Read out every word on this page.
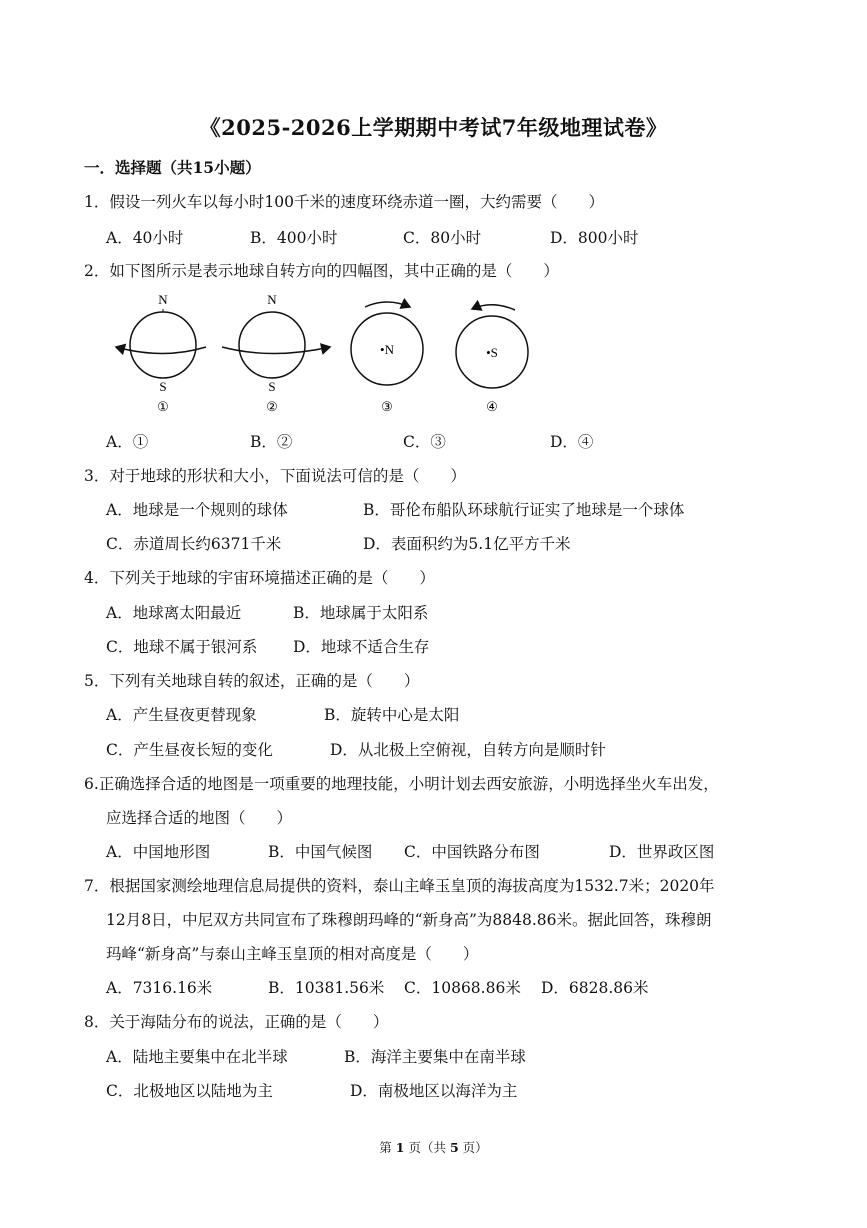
《2025-2026上学期期中考试7年级地理试卷》
一．选择题（共15小题）
1．假设一列火车以每小时100千米的速度环绕赤道一圈，大约需要（　　）
A．40小时	B．400小时	C．80小时	D．800小时
2．如下图所示是表示地球自转方向的四幅图，其中正确的是（　　）
N
S
①
N
S
②
•N
③
•S
④
A．①	B．②	C．③	D．④
3．对于地球的形状和大小，下面说法可信的是（　　）
A．地球是一个规则的球体	B．哥伦布船队环球航行证实了地球是一个球体
C．赤道周长约6371千米	D．表面积约为5.1亿平方千米
4．下列关于地球的宇宙环境描述正确的是（　　）
A．地球离太阳最近	B．地球属于太阳系
C．地球不属于银河系 D．地球不适合生存
5．下列有关地球自转的叙述，正确的是（　　）
A．产生昼夜更替现象	B．旋转中心是太阳
C．产生昼夜长短的变化	D．从北极上空俯视，自转方向是顺时针
6.正确选择合适的地图是一项重要的地理技能，小明计划去西安旅游，小明选择坐火车出发，
应选择合适的地图（　　）
A．中国地形图	B．中国气候图 C．中国铁路分布图	D．世界政区图
7．根据国家测绘地理信息局提供的资料，泰山主峰玉皇顶的海拔高度为1532.7米；2020年
12月8日，中尼双方共同宣布了珠穆朗玛峰的“新身高”为8848.86米。据此回答，珠穆朗
玛峰“新身高”与泰山主峰玉皇顶的相对高度是（　　）
A．7316.16米	B．10381.56米 C．10868.86米 D．6828.86米
8．关于海陆分布的说法，正确的是（　　）
A．陆地主要集中在北半球	B．海洋主要集中在南半球
C．北极地区以陆地为主	D．南极地区以海洋为主
第 1 页（共 5 页）
